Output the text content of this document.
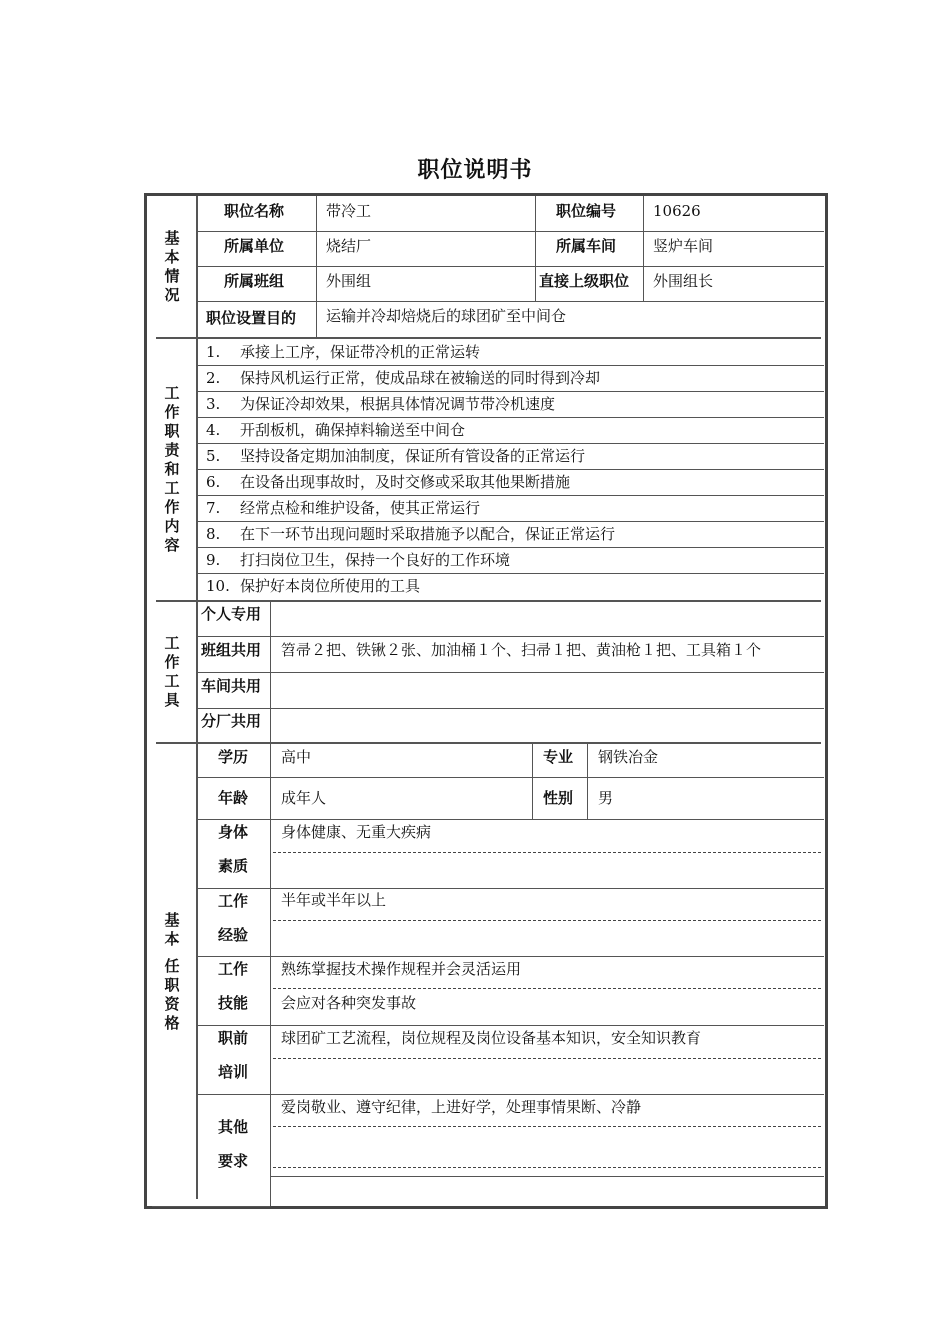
职位说明书
基
本
情
况
职位名称	带冷工	职位编号 10626
所属单位	烧结厂	所属车间 竖炉车间
所属班组	外围组	直接上级职位 外围组长
职位设置目的 运输并冷却焙烧后的球团矿至中间仓
工
作
职
责
和
工
作
内
容
1. 承接上工序，保证带冷机的正常运转
2. 保持风机运行正常，使成品球在被输送的同时得到冷却
3. 为保证冷却效果，根据具体情况调节带冷机速度
4. 开刮板机，确保掉料输送至中间仓
5. 坚持设备定期加油制度，保证所有管设备的正常运行
6. 在设备出现事故时，及时交修或采取其他果断措施
7. 经常点检和维护设备，使其正常运行
8. 在下一环节出现问题时采取措施予以配合，保证正常运行
9. 打扫岗位卫生，保持一个良好的工作环境
10. 保护好本岗位所使用的工具
工
作
工
具
个人专用
班组共用 笤帚２把、铁锹２张、加油桶１个、扫帚１把、黄油枪１把、工具箱１个
车间共用
分厂共用
基
本
任
职
资
格
学历 高中	专业 钢铁冶金
年龄 成年人	性别 男
身体
素质
身体健康、无重大疾病
工作
经验
半年或半年以上
工作
技能
熟练掌握技术操作规程并会灵活运用
会应对各种突发事故
职前
培训
球团矿工艺流程，岗位规程及岗位设备基本知识，安全知识教育
其他
要求
爱岗敬业、遵守纪律，上进好学，处理事情果断、冷静
